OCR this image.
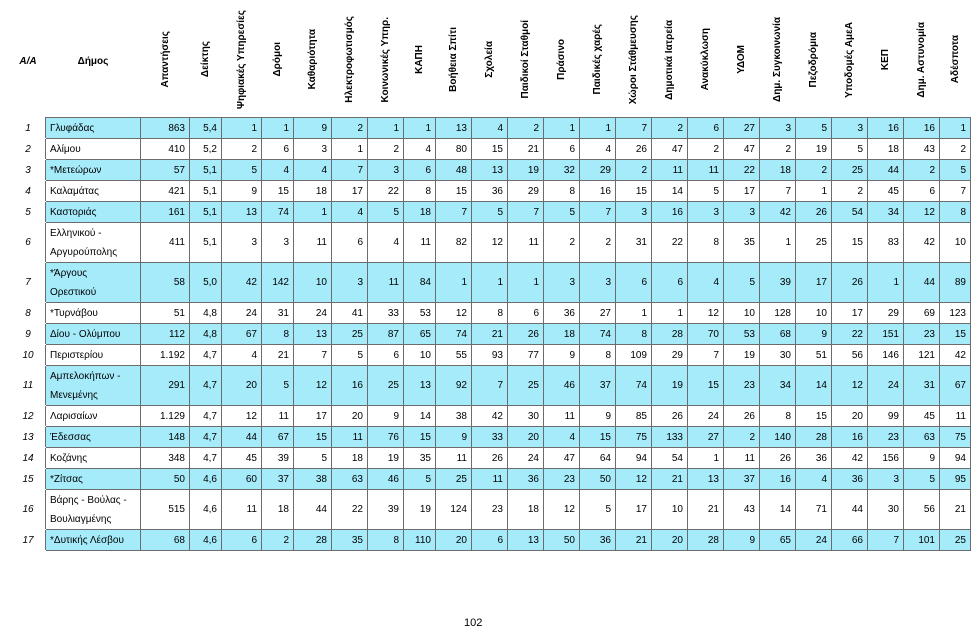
Α/Α	Δήμος	Απαντήσεις	Δείκτης	Ψηφιακές Υπηρεσίες	Δρόμοι	Καθαριότητα	Ηλεκτροφωτισμός	Κοινωνικές Υπηρ.	ΚΑΠΗ	Βοήθεια Σπίτι	Σχολεία	Παιδικοί Σταθμοί	Πράσινο	Παιδικές χαρές	Χώροι Στάθμευσης	Δημοτικά Ιατρεία	Ανακύκλωση	ΥΔΟΜ	Δημ. Συγκοινωνία	Πεζοδρόμια	Υποδομές ΑμεΑ	ΚΕΠ	Δημ. Αστυνομία	Αδέσποτα
1	Γλυφάδας	863	5,4	1	1	9	2	1	1	13	4	2	1	1	7	2	6	27	3	5	3	16	16	1
2	Αλίμου	410	5,2	2	6	3	1	2	4	80	15	21	6	4	26	47	2	47	2	19	5	18	43	2
3	*Μετεώρων	57	5,1	5	4	4	7	3	6	48	13	19	32	29	2	11	11	22	18	2	25	44	2	5
4	Καλαμάτας	421	5,1	9	15	18	17	22	8	15	36	29	8	16	15	14	5	17	7	1	2	45	6	7
5	Καστοριάς	161	5,1	13	74	1	4	5	18	7	5	7	5	7	3	16	3	3	42	26	54	34	12	8
6	Ελληνικού - Αργυρούπολης	411	5,1	3	3	11	6	4	11	82	12	11	2	2	31	22	8	35	1	25	15	83	42	10
7	*Άργους Ορεστικού	58	5,0	42	142	10	3	11	84	1	1	1	3	3	6	6	4	5	39	17	26	1	44	89
8	*Τυρνάβου	51	4,8	24	31	24	41	33	53	12	8	6	36	27	1	1	12	10	128	10	17	29	69	123
9	Δίου - Ολύμπου	112	4,8	67	8	13	25	87	65	74	21	26	18	74	8	28	70	53	68	9	22	151	23	15
10	Περιστερίου	1.192	4,7	4	21	7	5	6	10	55	93	77	9	8	109	29	7	19	30	51	56	146	121	42
11	Αμπελοκήπων - Μενεμένης	291	4,7	20	5	12	16	25	13	92	7	25	46	37	74	19	15	23	34	14	12	24	31	67
12	Λαρισαίων	1.129	4,7	12	11	17	20	9	14	38	42	30	11	9	85	26	24	26	8	15	20	99	45	11
13	Έδεσσας	148	4,7	44	67	15	11	76	15	9	33	20	4	15	75	133	27	2	140	28	16	23	63	75
14	Κοζάνης	348	4,7	45	39	5	18	19	35	11	26	24	47	64	94	54	1	11	26	36	42	156	9	94
15	*Ζίτσας	50	4,6	60	37	38	63	46	5	25	11	36	23	50	12	21	13	37	16	4	36	3	5	95
16	Βάρης - Βούλας - Βουλιαγμένης	515	4,6	11	18	44	22	39	19	124	23	18	12	5	17	10	21	43	14	71	44	30	56	21
17	*Δυτικής Λέσβου	68	4,6	6	2	28	35	8	110	20	6	13	50	36	21	20	28	9	65	24	66	7	101	25
102
